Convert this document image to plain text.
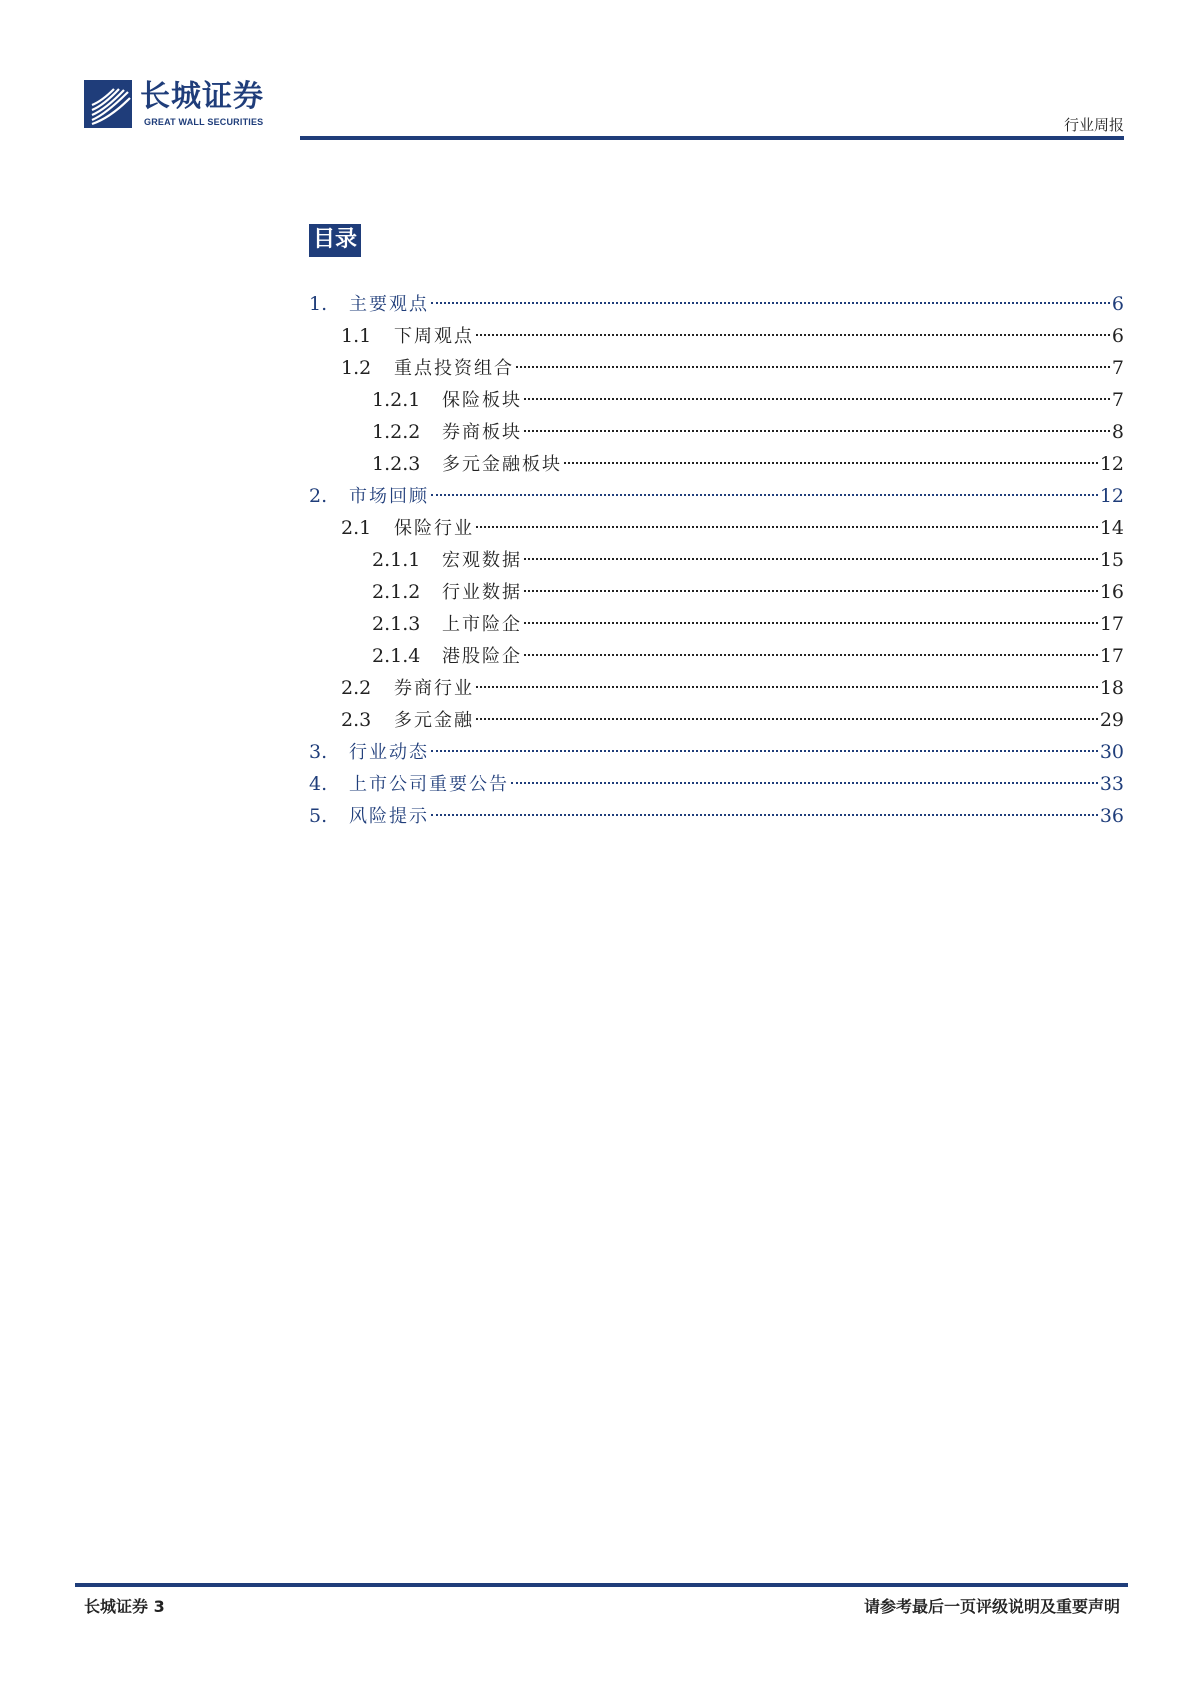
长城证券
GREAT WALL SECURITIES	行业周报
目录
1.	主要观点	6
1.1	下周观点	6
1.2	重点投资组合	7
1.2.1	保险板块	7
1.2.2	券商板块	8
1.2.3	多元金融板块	12
2.	市场回顾	12
2.1	保险行业	14
2.1.1	宏观数据	15
2.1.2	行业数据	16
2.1.3	上市险企	17
2.1.4	港股险企	17
2.2	券商行业	18
2.3	多元金融	29
3.	行业动态	30
4.	上市公司重要公告	33
5.	风险提示	36
长城证券 3	请参考最后一页评级说明及重要声明
